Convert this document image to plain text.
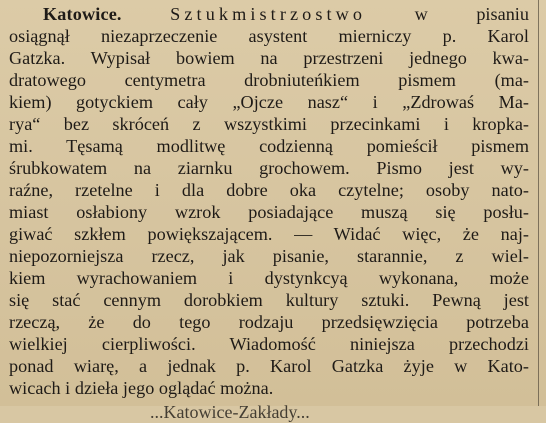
Katowice.	Sztukmistrzostwo	w pisaniu
osiągnął niezaprzeczenie asystent mierniczy p. Karol
Gatzka. Wypisał bowiem na przestrzeni jednego kwa-
dratowego centymetra drobniuteńkiem pismem (ma-
kiem) gotyckiem cały „Ojcze nasz“ i „Zdrowaś Ma-
rya“ bez skróceń z wszystkimi przecinkami i kropka-
mi. Tęsamą modlitwę codzienną pomieścił pismem
śrubkowatem na ziarnku grochowem. Pismo jest wy-
raźne, rzetelne i dla dobre oka czytelne; osoby nato-
miast osłabiony wzrok posiadające muszą się posłu-
giwać szkłem powiększającem. — Widać więc, że naj-
niepozorniejsza rzecz, jak pisanie, starannie, z wiel-
kiem wyrachowaniem i dystynkcyą wykonana, może
się stać cennym dorobkiem kultury sztuki. Pewną jest
rzeczą, że do tego rodzaju przedsięwzięcia potrzeba
wielkiej cierpliwości. Wiadomość niniejsza przechodzi
ponad wiarę, a jednak p. Karol Gatzka żyje w Kato-
wicach i dzieła jego oglądać można.
...Katowice-Zakłady...
